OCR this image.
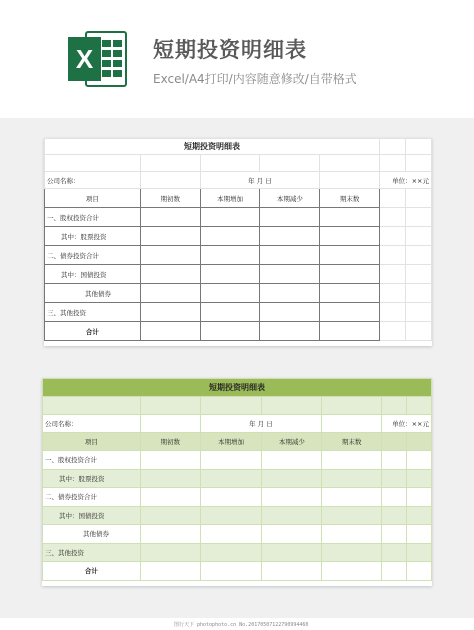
X	短期投资明细表
Excel/A4打印/内容随意修改/自带格式
短期投资明细表						

公司名称：		年 月 日			单位：××元	
项目	期初数	本期增加	本期减少	期末数		
一、股权投资合计						
其中：股票投资						
二、债券投资合计						
其中：国债投资						
其他债券						
三、其他投资						
合计						
短期投资明细表						

公司名称：		年 月 日			单位：××元	
项目	期初数	本期增加	本期减少	期末数		
一、股权投资合计						
其中：股票投资						
二、债券投资合计						
其中：国债投资						
其他债券						
三、其他投资						
合计						
图行天下 photophoto.cn No.20170507122790994460
